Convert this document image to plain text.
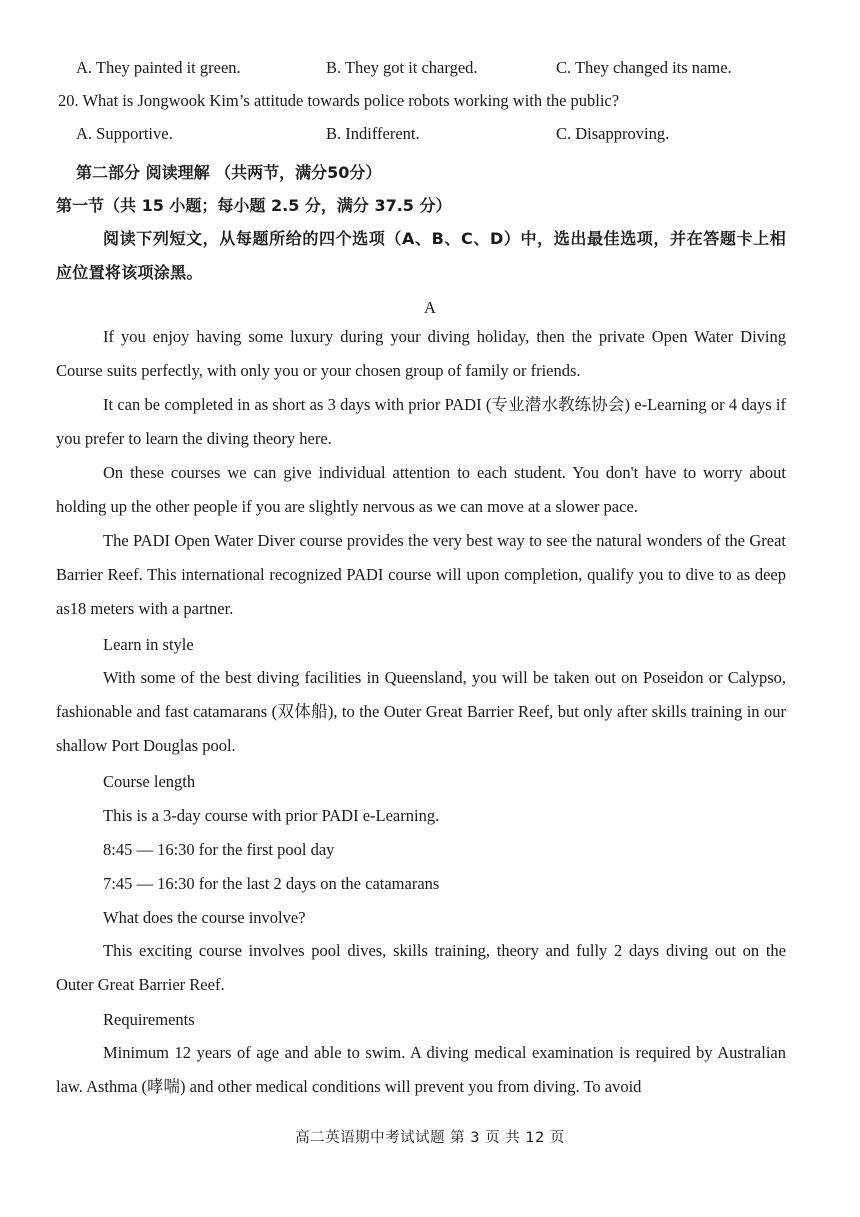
A. They painted it green.	B. They got it charged.	C. They changed its name.
20. What is Jongwook Kim’s attitude towards police robots working with the public?
A. Supportive.	B. Indifferent.	C. Disapproving.
第二部分 阅读理解 （共两节，满分50分）
第一节（共 15 小题；每小题 2.5 分，满分 37.5 分）
阅读下列短文，从每题所给的四个选项（A、B、C、D）中，选出最佳选项，并在答题卡上相应位置将该项涂黑。
A
If you enjoy having some luxury during your diving holiday, then the private Open Water Diving Course suits perfectly, with only you or your chosen group of family or friends.
It can be completed in as short as 3 days with prior PADI (专业潜水教练协会) e-Learning or 4 days if you prefer to learn the diving theory here.
On these courses we can give individual attention to each student. You don't have to worry about holding up the other people if you are slightly nervous as we can move at a slower pace.
The PADI Open Water Diver course provides the very best way to see the natural wonders of the Great Barrier Reef. This international recognized PADI course will upon completion, qualify you to dive to as deep as18 meters with a partner.
Learn in style
With some of the best diving facilities in Queensland, you will be taken out on Poseidon or Calypso, fashionable and fast catamarans (双体船), to the Outer Great Barrier Reef, but only after skills training in our shallow Port Douglas pool.
Course length
This is a 3-day course with prior PADI e-Learning.
8:45 — 16:30 for the first pool day
7:45 — 16:30 for the last 2 days on the catamarans
What does the course involve?
This exciting course involves pool dives, skills training, theory and fully 2 days diving out on the Outer Great Barrier Reef.
Requirements
Minimum 12 years of age and able to swim. A diving medical examination is required by Australian law. Asthma (哮喘) and other medical conditions will prevent you from diving. To avoid
高二英语期中考试试题 第 3 页 共 12 页
